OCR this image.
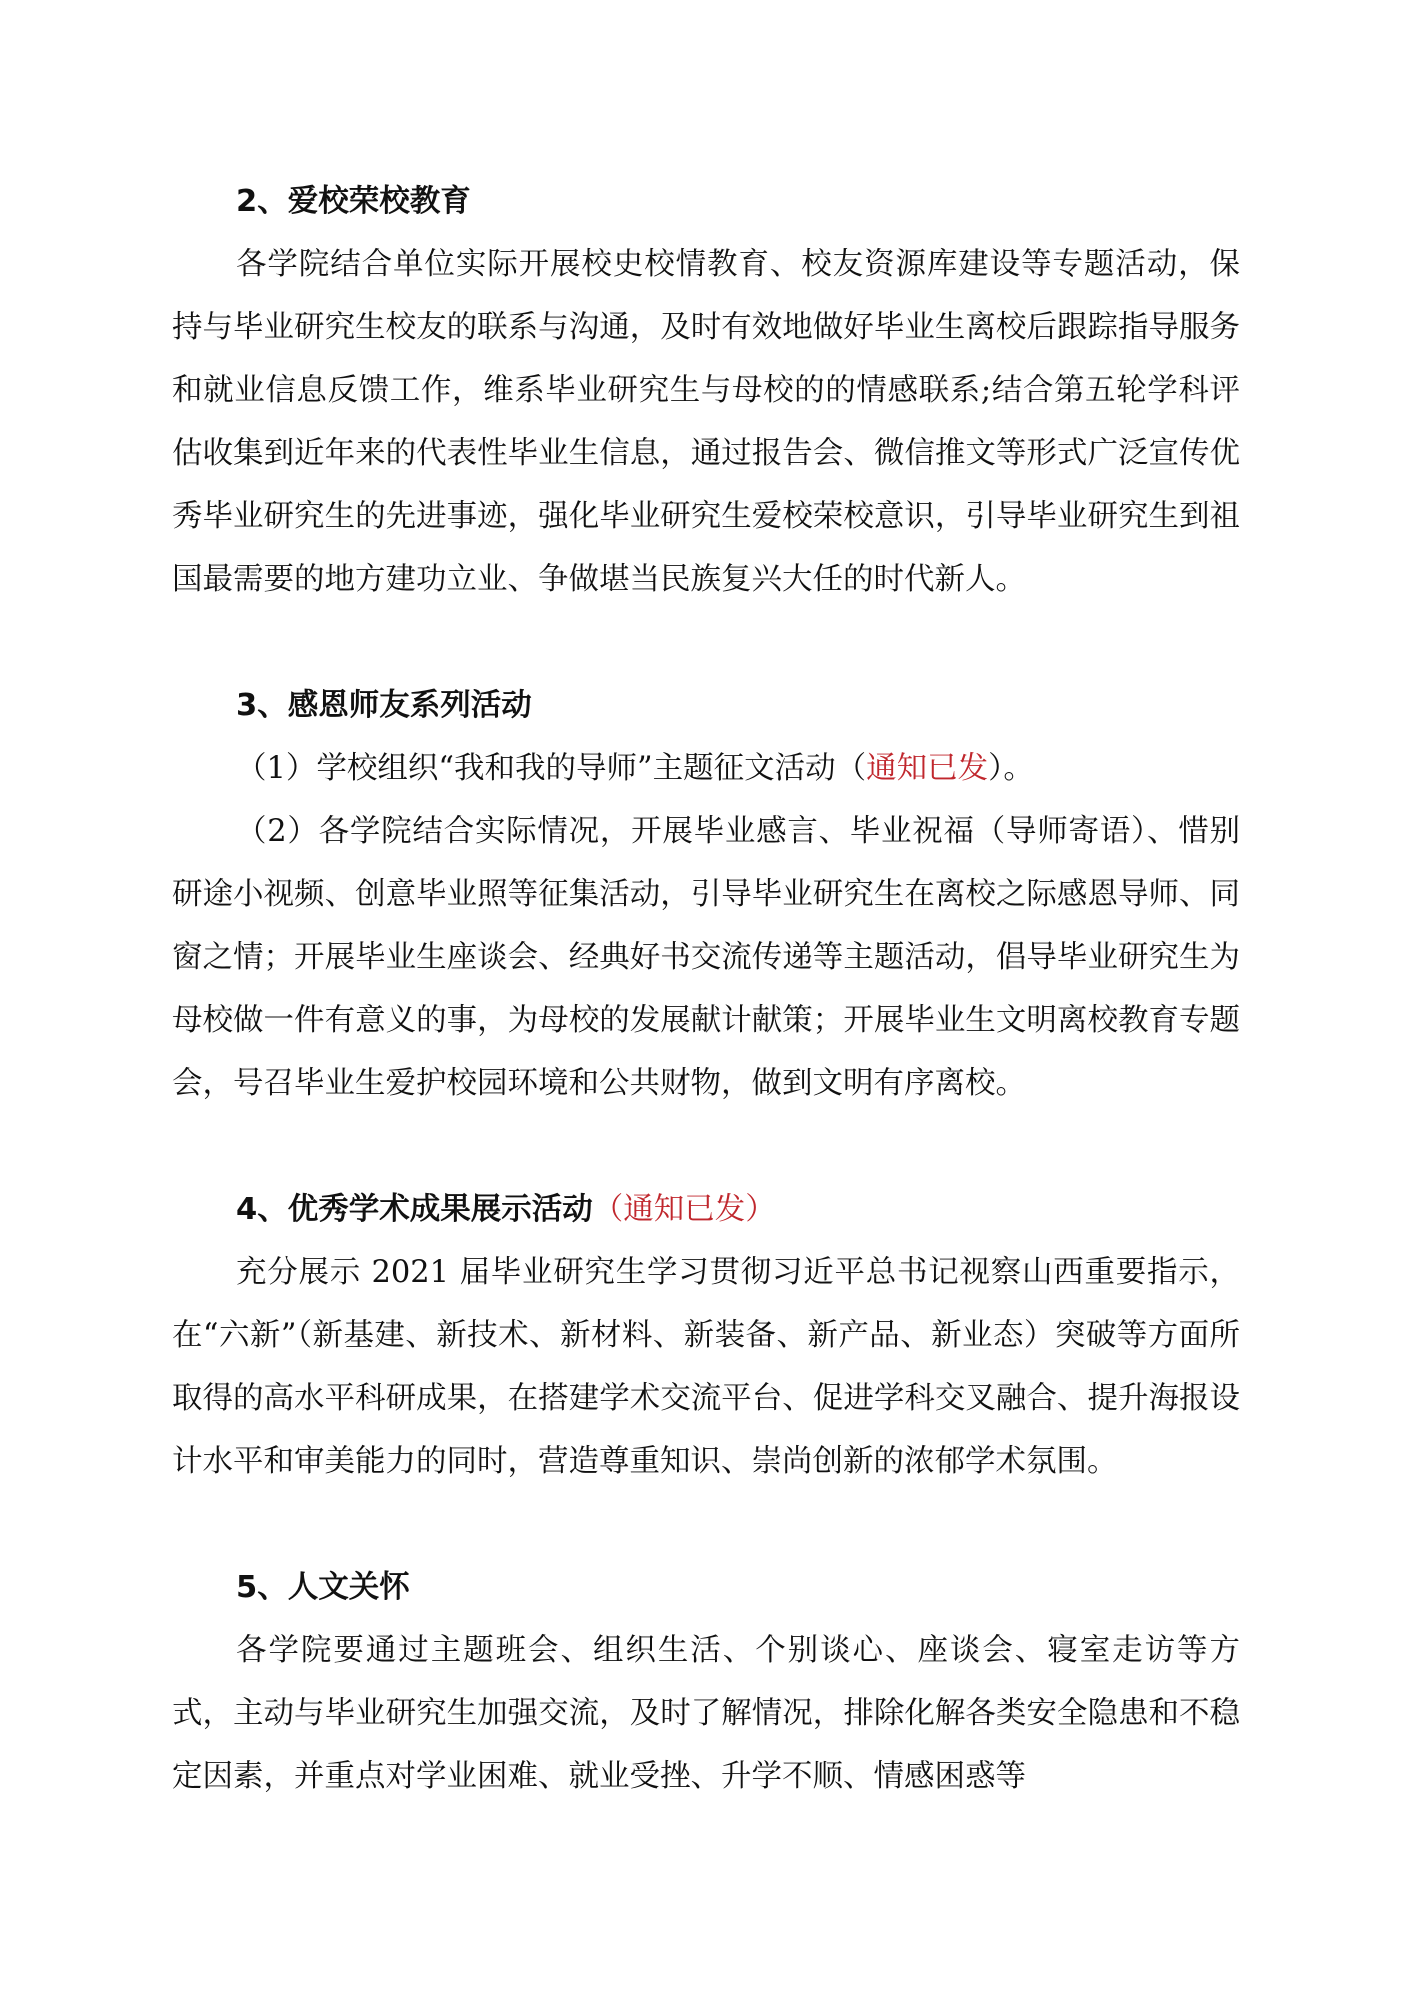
2、爱校荣校教育
各学院结合单位实际开展校史校情教育、校友资源库建设等专题活动，保持与毕业研究生校友的联系与沟通，及时有效地做好毕业生离校后跟踪指导服务和就业信息反馈工作，维系毕业研究生与母校的的情感联系;结合第五轮学科评估收集到近年来的代表性毕业生信息，通过报告会、微信推文等形式广泛宣传优秀毕业研究生的先进事迹，强化毕业研究生爱校荣校意识，引导毕业研究生到祖国最需要的地方建功立业、争做堪当民族复兴大任的时代新人。
3、感恩师友系列活动
（1）学校组织“我和我的导师”主题征文活动（通知已发）。
（2）各学院结合实际情况，开展毕业感言、毕业祝福（导师寄语）、惜别研途小视频、创意毕业照等征集活动，引导毕业研究生在离校之际感恩导师、同窗之情；开展毕业生座谈会、经典好书交流传递等主题活动，倡导毕业研究生为母校做一件有意义的事，为母校的发展献计献策；开展毕业生文明离校教育专题会，号召毕业生爱护校园环境和公共财物，做到文明有序离校。
4、优秀学术成果展示活动（通知已发）
充分展示 2021 届毕业研究生学习贯彻习近平总书记视察山西重要指示，在“六新”（新基建、新技术、新材料、新装备、新产品、新业态）突破等方面所取得的高水平科研成果，在搭建学术交流平台、促进学科交叉融合、提升海报设计水平和审美能力的同时，营造尊重知识、崇尚创新的浓郁学术氛围。
5、人文关怀
各学院要通过主题班会、组织生活、个别谈心、座谈会、寝室走访等方式，主动与毕业研究生加强交流，及时了解情况，排除化解各类安全隐患和不稳定因素，并重点对学业困难、就业受挫、升学不顺、情感困惑等
